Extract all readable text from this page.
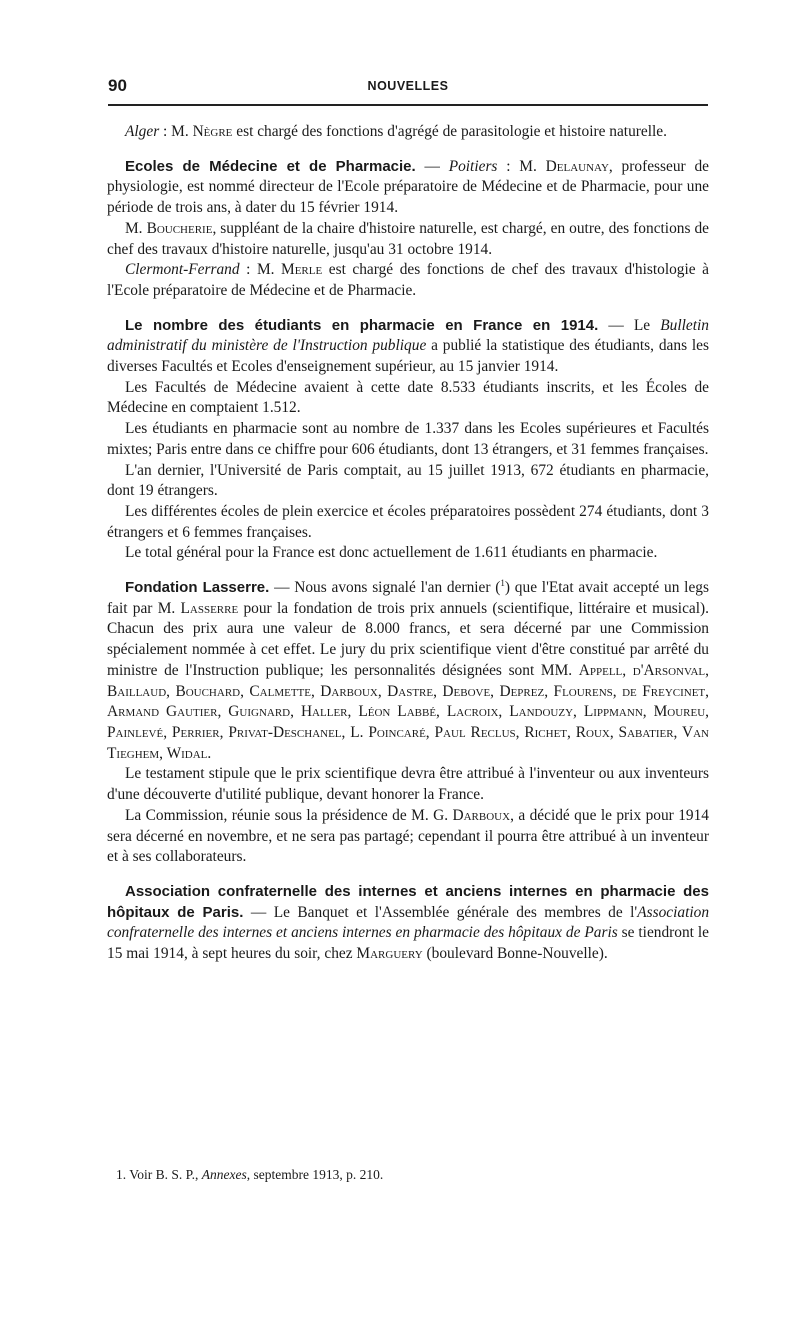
90	NOUVELLES

Alger : M. Nègre est chargé des fonctions d'agrégé de parasitologie et histoire naturelle.

Ecoles de Médecine et de Pharmacie. — Poitiers : M. Delaunay, professeur de physiologie, est nommé directeur de l'Ecole préparatoire de Médecine et de Pharmacie, pour une période de trois ans, à dater du 15 février 1914.

M. Boucherie, suppléant de la chaire d'histoire naturelle, est chargé, en outre, des fonctions de chef des travaux d'histoire naturelle, jusqu'au 31 octobre 1914.

Clermont-Ferrand : M. Merle est chargé des fonctions de chef des travaux d'histologie à l'Ecole préparatoire de Médecine et de Pharmacie.

Le nombre des étudiants en pharmacie en France en 1914. — Le Bulletin administratif du ministère de l'Instruction publique a publié la statistique des étudiants, dans les diverses Facultés et Ecoles d'enseignement supérieur, au 15 janvier 1914.

Les Facultés de Médecine avaient à cette date 8.533 étudiants inscrits, et les Écoles de Médecine en comptaient 1.512.

Les étudiants en pharmacie sont au nombre de 1.337 dans les Ecoles supérieures et Facultés mixtes; Paris entre dans ce chiffre pour 606 étudiants, dont 13 étrangers, et 31 femmes françaises.

L'an dernier, l'Université de Paris comptait, au 15 juillet 1913, 672 étudiants en pharmacie, dont 19 étrangers.

Les différentes écoles de plein exercice et écoles préparatoires possèdent 274 étudiants, dont 3 étrangers et 6 femmes françaises.

Le total général pour la France est donc actuellement de 1.611 étudiants en pharmacie.

Fondation Lasserre. — Nous avons signalé l'an dernier ($^1$) que l'Etat avait accepté un legs fait par M. Lasserre pour la fondation de trois prix annuels (scientifique, littéraire et musical). Chacun des prix aura une valeur de 8.000 francs, et sera décerné par une Commission spécialement nommée à cet effet. Le jury du prix scientifique vient d'être constitué par arrêté du ministre de l'Instruction publique; les personnalités désignées sont MM. Appell, d'Arsonval, Baillaud, Bouchard, Calmette, Darboux, Dastre, Debove, Deprez, Flourens, de Freycinet, Armand Gautier, Guignard, Haller, Léon Labbé, Lacroix, Landouzy, Lippmann, Moureu, Painlevé, Perrier, Privat-Deschanel, L. Poincaré, Paul Reclus, Richet, Roux, Sabatier, Van Tieghem, Widal.

Le testament stipule que le prix scientifique devra être attribué à l'inventeur ou aux inventeurs d'une découverte d'utilité publique, devant honorer la France.

La Commission, réunie sous la présidence de M. G. Darboux, a décidé que le prix pour 1914 sera décerné en novembre, et ne sera pas partagé; cependant il pourra être attribué à un inventeur et à ses collaborateurs.

Association confraternelle des internes et anciens internes en pharmacie des hôpitaux de Paris. — Le Banquet et l'Assemblée générale des membres de l'Association confraternelle des internes et anciens internes en pharmacie des hôpitaux de Paris se tiendront le 15 mai 1914, à sept heures du soir, chez Marguery (boulevard Bonne-Nouvelle).

1. Voir B. S. P., Annexes, septembre 1913, p. 210.
